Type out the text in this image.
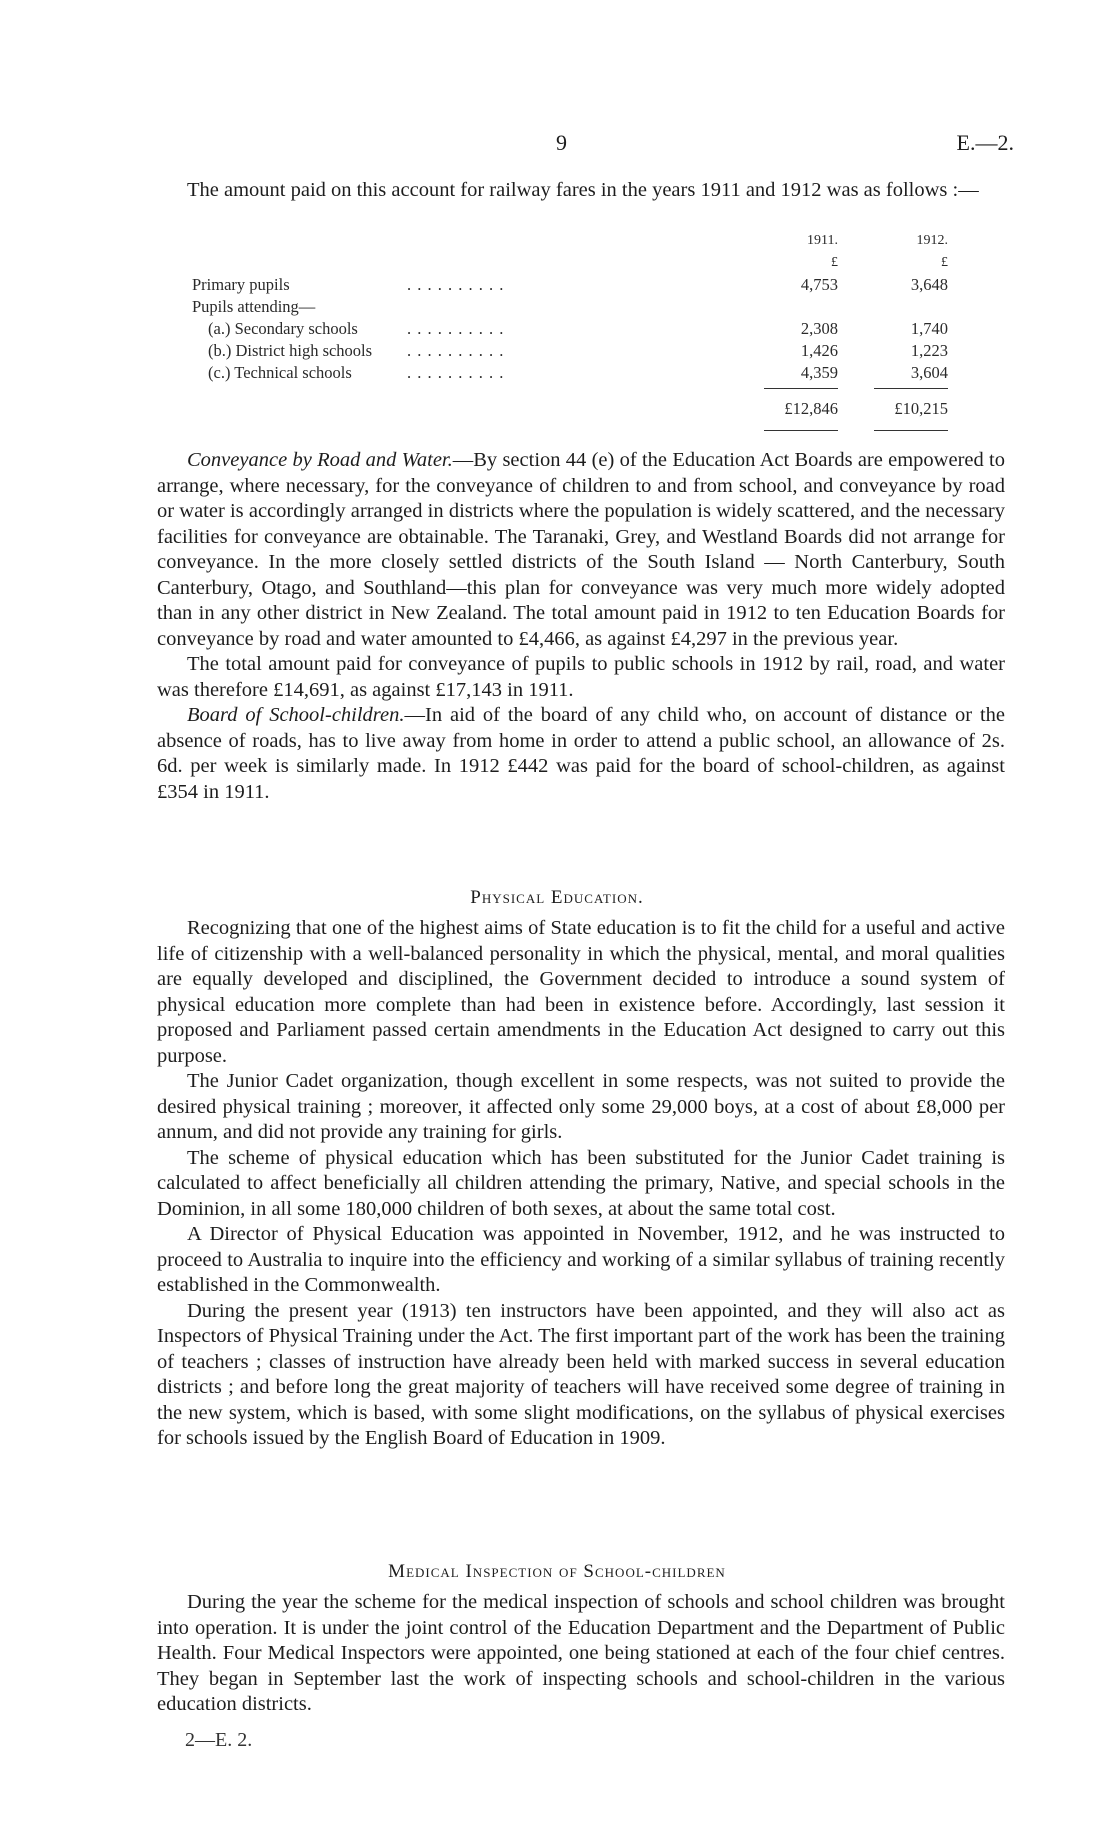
9	E.—2.

The amount paid on this account for railway fares in the years 1911 and 1912 was as follows :—

1911.	1912.
£	£
Primary pupils	. . . . . . . . . .	4,753	3,648
Pupils attending—
(a.) Secondary schools	. . . . . . . . . .	2,308	1,740
(b.) District high schools . . . . . . . . . .	1,426	1,223
(c.) Technical schools	. . . . . . . . . .	4,359	3,604
£12,846	£10,215

Conveyance by Road and Water.—By section 44 (e) of the Education Act Boards are empowered to arrange, where necessary, for the conveyance of children to and from school, and conveyance by road or water is accordingly arranged in districts where the population is widely scattered, and the necessary facilities for conveyance are obtainable. The Taranaki, Grey, and Westland Boards did not arrange for conveyance. In the more closely settled districts of the South Island — North Canterbury, South Canterbury, Otago, and Southland—this plan for conveyance was very much more widely adopted than in any other district in New Zealand. The total amount paid in 1912 to ten Education Boards for conveyance by road and water amounted to £4,466, as against £4,297 in the previous year.

The total amount paid for conveyance of pupils to public schools in 1912 by rail, road, and water was therefore £14,691, as against £17,143 in 1911.

Board of School-children.—In aid of the board of any child who, on account of distance or the absence of roads, has to live away from home in order to attend a public school, an allowance of 2s. 6d. per week is similarly made. In 1912 £442 was paid for the board of school-children, as against £354 in 1911.

Physical Education.

Recognizing that one of the highest aims of State education is to fit the child for a useful and active life of citizenship with a well-balanced personality in which the physical, mental, and moral qualities are equally developed and disciplined, the Government decided to introduce a sound system of physical education more complete than had been in existence before. Accordingly, last session it proposed and Parliament passed certain amendments in the Education Act designed to carry out this purpose.

The Junior Cadet organization, though excellent in some respects, was not suited to provide the desired physical training ; moreover, it affected only some 29,000 boys, at a cost of about £8,000 per annum, and did not provide any training for girls.

The scheme of physical education which has been substituted for the Junior Cadet training is calculated to affect beneficially all children attending the primary, Native, and special schools in the Dominion, in all some 180,000 children of both sexes, at about the same total cost.

A Director of Physical Education was appointed in November, 1912, and he was instructed to proceed to Australia to inquire into the efficiency and working of a similar syllabus of training recently established in the Commonwealth.

During the present year (1913) ten instructors have been appointed, and they will also act as Inspectors of Physical Training under the Act. The first important part of the work has been the training of teachers ; classes of instruction have already been held with marked success in several education districts ; and before long the great majority of teachers will have received some degree of training in the new system, which is based, with some slight modifications, on the syllabus of physical exercises for schools issued by the English Board of Education in 1909.

Medical Inspection of School-children

During the year the scheme for the medical inspection of schools and school children was brought into operation. It is under the joint control of the Education Department and the Department of Public Health. Four Medical Inspectors were appointed, one being stationed at each of the four chief centres. They began in September last the work of inspecting schools and school-children in the various education districts.

2—E. 2.
